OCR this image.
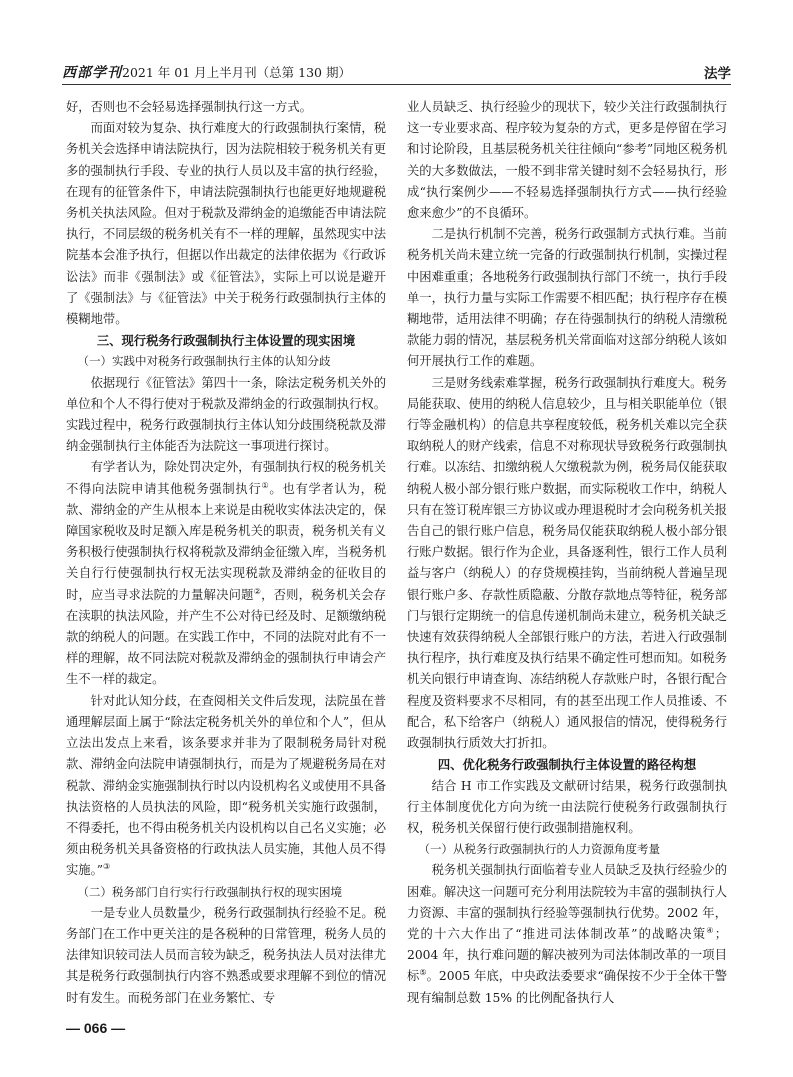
西部学刊2021 年 01 月上半月刊（总第 130 期）	法学

好，否则也不会轻易选择强制执行这一方式。

而面对较为复杂、执行难度大的行政强制执行案情，税务机关会选择申请法院执行，因为法院相较于税务机关有更多的强制执行手段、专业的执行人员以及丰富的执行经验，在现有的征管条件下，申请法院强制执行也能更好地规避税务机关执法风险。但对于税款及滞纳金的追缴能否申请法院执行，不同层级的税务机关有不一样的理解，虽然现实中法院基本会准予执行，但据以作出裁定的法律依据为《行政诉讼法》而非《强制法》或《征管法》，实际上可以说是避开了《强制法》与《征管法》中关于税务行政强制执行主体的模糊地带。

三、现行税务行政强制执行主体设置的现实困境

（一）实践中对税务行政强制执行主体的认知分歧

依据现行《征管法》第四十一条，除法定税务机关外的单位和个人不得行使对于税款及滞纳金的行政强制执行权。实践过程中，税务行政强制执行主体认知分歧围绕税款及滞纳金强制执行主体能否为法院这一事项进行探讨。

有学者认为，除处罚决定外，有强制执行权的税务机关不得向法院申请其他税务强制执行①。也有学者认为，税款、滞纳金的产生从根本上来说是由税收实体法决定的，保障国家税收及时足额入库是税务机关的职责，税务机关有义务积极行使强制执行权将税款及滞纳金征缴入库，当税务机关自行行使强制执行权无法实现税款及滞纳金的征收目的时，应当寻求法院的力量解决问题②，否则，税务机关会存在渎职的执法风险，并产生不公对待已经及时、足额缴纳税款的纳税人的问题。在实践工作中，不同的法院对此有不一样的理解，故不同法院对税款及滞纳金的强制执行申请会产生不一样的裁定。

针对此认知分歧，在查阅相关文件后发现，法院虽在普通理解层面上属于“除法定税务机关外的单位和个人”，但从立法出发点上来看，该条要求并非为了限制税务局针对税款、滞纳金向法院申请强制执行，而是为了规避税务局在对税款、滞纳金实施强制执行时以内设机构名义或使用不具备执法资格的人员执法的风险，即“税务机关实施行政强制，不得委托，也不得由税务机关内设机构以自己名义实施；必须由税务机关具备资格的行政执法人员实施，其他人员不得实施。”③

（二）税务部门自行实行行政强制执行权的现实困境

一是专业人员数量少，税务行政强制执行经验不足。税务部门在工作中更关注的是各税种的日常管理，税务人员的法律知识较司法人员而言较为缺乏，税务执法人员对法律尤其是税务行政强制执行内容不熟悉或要求理解不到位的情况时有发生。而税务部门在业务繁忙、专

业人员缺乏、执行经验少的现状下，较少关注行政强制执行这一专业要求高、程序较为复杂的方式，更多是停留在学习和讨论阶段，且基层税务机关往往倾向“参考”同地区税务机关的大多数做法，一般不到非常关键时刻不会轻易执行，形成“执行案例少——不轻易选择强制执行方式——执行经验愈来愈少”的不良循环。

二是执行机制不完善，税务行政强制方式执行难。当前税务机关尚未建立统一完备的行政强制执行机制，实操过程中困难重重；各地税务行政强制执行部门不统一，执行手段单一，执行力量与实际工作需要不相匹配；执行程序存在模糊地带，适用法律不明确；存在待强制执行的纳税人清缴税款能力弱的情况，基层税务机关常面临对这部分纳税人该如何开展执行工作的难题。

三是财务线索难掌握，税务行政强制执行难度大。税务局能获取、使用的纳税人信息较少，且与相关职能单位（银行等金融机构）的信息共享程度较低，税务机关难以完全获取纳税人的财产线索，信息不对称现状导致税务行政强制执行难。以冻结、扣缴纳税人欠缴税款为例，税务局仅能获取纳税人极小部分银行账户数据，而实际税收工作中，纳税人只有在签订税库银三方协议或办理退税时才会向税务机关报告自己的银行账户信息，税务局仅能获取纳税人极小部分银行账户数据。银行作为企业，具备逐利性，银行工作人员利益与客户（纳税人）的存贷规模挂钩，当前纳税人普遍呈现银行账户多、存款性质隐蔽、分散存款地点等特征，税务部门与银行定期统一的信息传递机制尚未建立，税务机关缺乏快速有效获得纳税人全部银行账户的方法，若进入行政强制执行程序，执行难度及执行结果不确定性可想而知。如税务机关向银行申请查询、冻结纳税人存款账户时，各银行配合程度及资料要求不尽相同，有的甚至出现工作人员推诿、不配合，私下给客户（纳税人）通风报信的情况，使得税务行政强制执行质效大打折扣。

四、优化税务行政强制执行主体设置的路径构想

结合 H 市工作实践及文献研讨结果，税务行政强制执行主体制度优化方向为统一由法院行使税务行政强制执行权，税务机关保留行使行政强制措施权利。

（一）从税务行政强制执行的人力资源角度考量

税务机关强制执行面临着专业人员缺乏及执行经验少的困难。解决这一问题可充分利用法院较为丰富的强制执行人力资源、丰富的强制执行经验等强制执行优势。2002 年，党的十六大作出了“推进司法体制改革”的战略决策④；2004 年，执行难问题的解决被列为司法体制改革的一项目标⑤。2005 年底，中央政法委要求“确保按不少于全体干警现有编制总数 15% 的比例配备执行人

— 066 —
